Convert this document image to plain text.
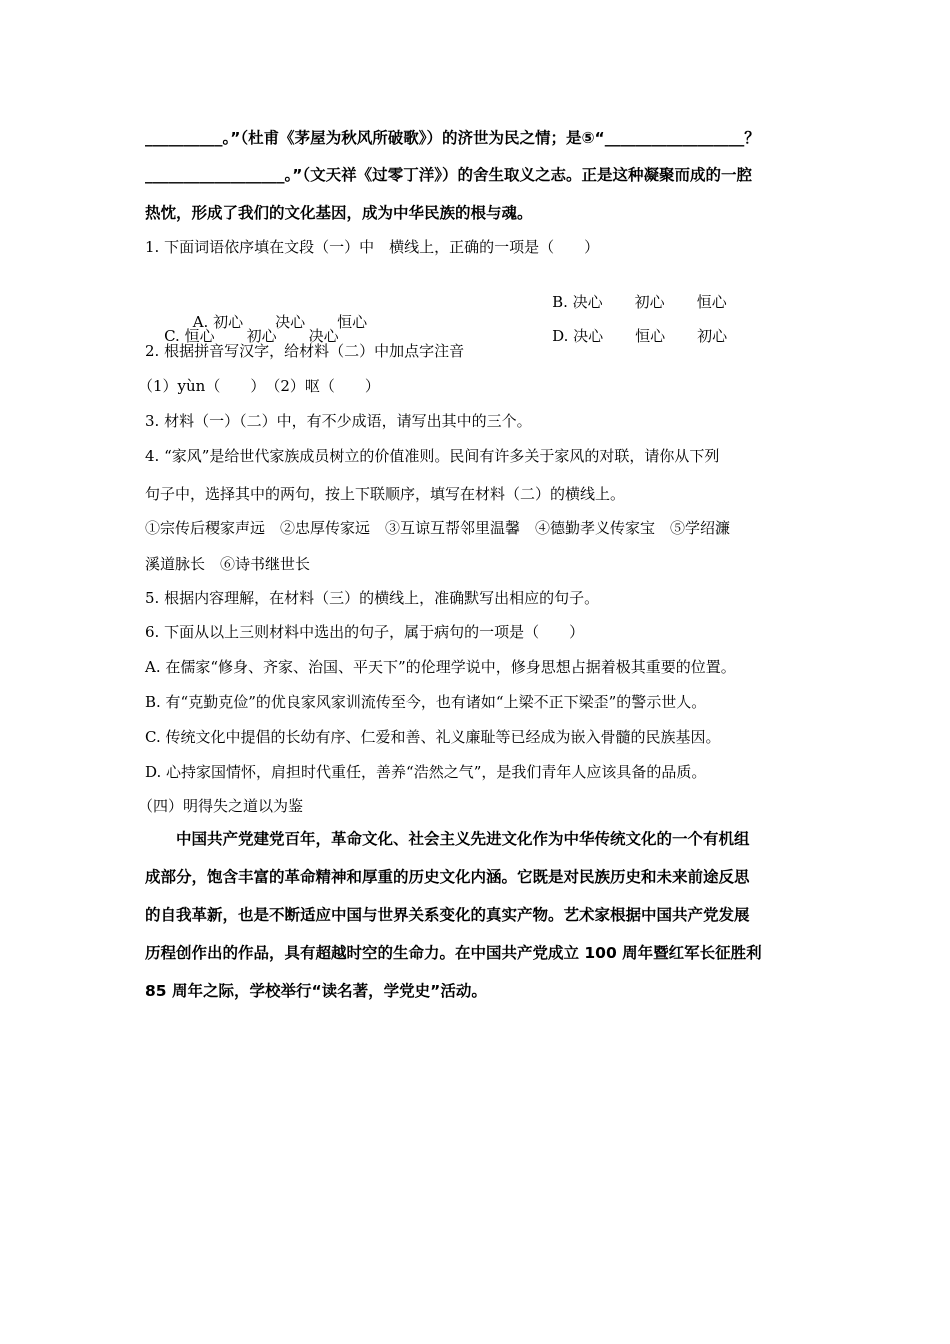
__________。”（杜甫《茅屋为秋风所破歌》）的济世为民之情；是⑤“__________________？
__________________。”（文天祥《过零丁洋》）的舍生取义之志。正是这种凝聚而成的一腔
热忱，形成了我们的文化基因，成为中华民族的根与魂。
1. 下面词语依序填在文段（一）中　横线上，正确的一项是（　　）

A. 初心 决心 恒心

B. 决心 初心 恒心

C. 恒心 初心 决心
	D. 决心 恒心 初心

2. 根据拼音写汉字，给材料（二）中加点字注音
（1）yùn（　　）　（2）呕（　　）
3. 材料（一）（二）中，有不少成语，请写出其中的三个。
4. “家风”是给世代家族成员树立的价值准则。民间有许多关于家风的对联，请你从下列
句子中，选择其中的两句，按上下联顺序，填写在材料（二）的横线上。
①宗传后稷家声远　②忠厚传家远　③互谅互帮邻里温馨　④德勤孝义传家宝　⑤学绍濂
溪道脉长　⑥诗书继世长
5. 根据内容理解，在材料（三）的横线上，准确默写出相应的句子。
6. 下面从以上三则材料中选出的句子，属于病句的一项是（　　）
A. 在儒家“修身、齐家、治国、平天下”的伦理学说中，修身思想占据着极其重要的位置。
B. 有“克勤克俭”的优良家风家训流传至今，也有诸如“上梁不正下梁歪”的警示世人。
C. 传统文化中提倡的长幼有序、仁爱和善、礼义廉耻等已经成为嵌入骨髓的民族基因。
D. 心持家国情怀，肩担时代重任，善养“浩然之气”，是我们青年人应该具备的品质。
（四）明得失之道以为鉴
　　中国共产党建党百年，革命文化、社会主义先进文化作为中华传统文化的一个有机组
成部分，饱含丰富的革命精神和厚重的历史文化内涵。它既是对民族历史和未来前途反思
的自我革新，也是不断适应中国与世界关系变化的真实产物。艺术家根据中国共产党发展
历程创作出的作品，具有超越时空的生命力。在中国共产党成立 100 周年暨红军长征胜利
85 周年之际，学校举行“读名著，学党史”活动。
